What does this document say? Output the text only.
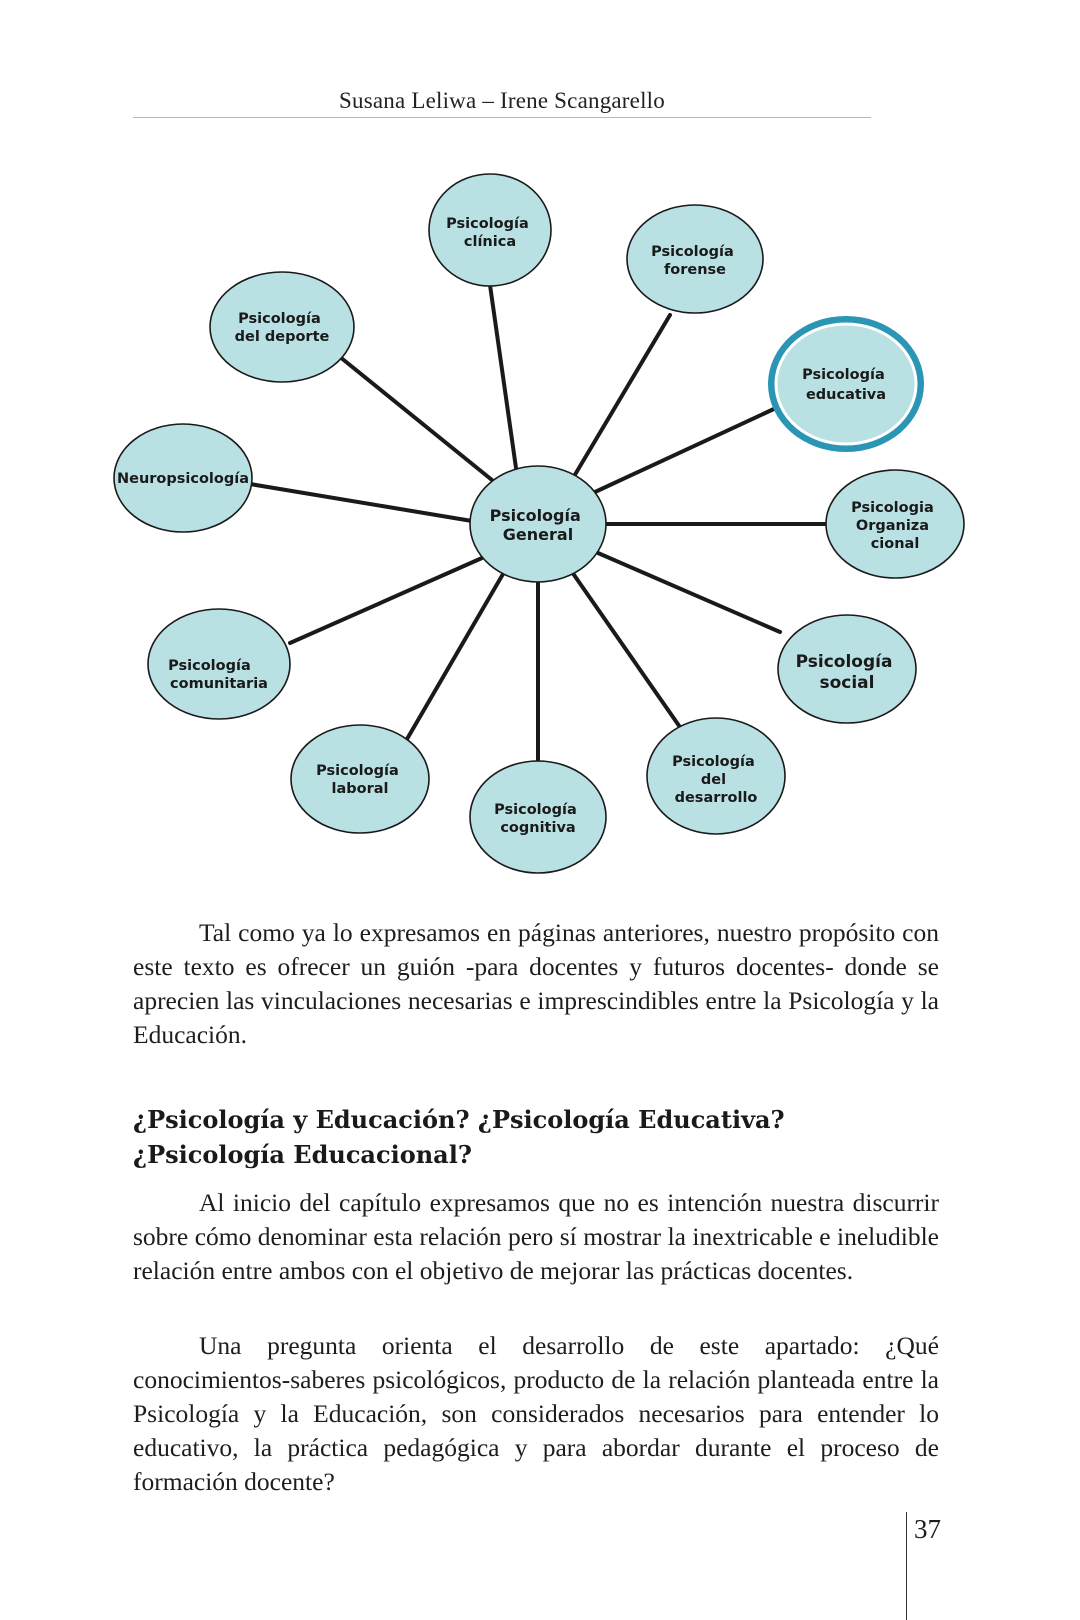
Susana Leliwa – Irene Scangarello
Psicología General
Psicología clínica
Psicología forense
Psicología educativa
Psicologia Organiza cional
Psicología social
Psicología del desarrollo
Psicología cognitiva
Psicología laboral
Psicología comunitaria
Neuropsicología
Psicología del deporte

Tal como ya lo expresamos en páginas anteriores, nuestro propósito con este texto es ofrecer un guión -para docentes y futuros docentes- donde se aprecien las vinculaciones necesarias e imprescindibles entre la Psicología y la Educación.

¿Psicología y Educación? ¿Psicología Educativa?
¿Psicología Educacional?

Al inicio del capítulo expresamos que no es intención nuestra discurrir sobre cómo denominar esta relación pero sí mostrar la inextricable e ineludible relación entre ambos con el objetivo de mejorar las prácticas docentes.

Una pregunta orienta el desarrollo de este apartado: ¿Qué conocimientos-saberes psicológicos, producto de la relación planteada entre la Psicología y la Educación, son considerados necesarios para entender lo educativo, la práctica pedagógica y para abordar durante el proceso de formación docente?

37
